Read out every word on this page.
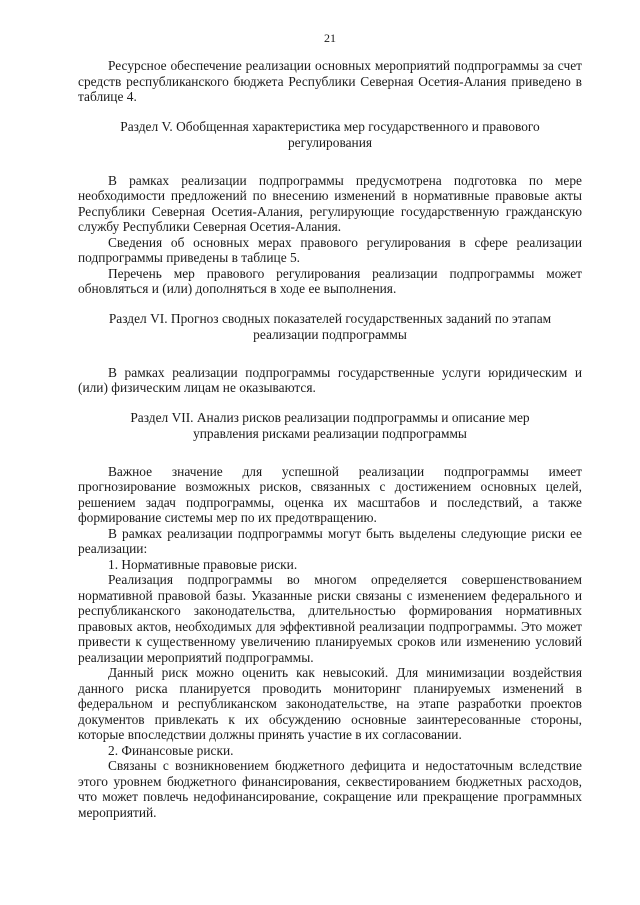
21

Ресурсное обеспечение реализации основных мероприятий подпрограммы за счет средств республиканского бюджета Республики Северная Осетия-Алания приведено в таблице 4.

Раздел V. Обобщенная характеристика мер государственного и правового
регулирования

В рамках реализации подпрограммы предусмотрена подготовка по мере необходимости предложений по внесению изменений в нормативные правовые акты Республики Северная Осетия-Алания, регулирующие государственную гражданскую службу Республики Северная Осетия-Алания.

Сведения об основных мерах правового регулирования в сфере реализации подпрограммы приведены в таблице 5.

Перечень мер правового регулирования реализации подпрограммы может обновляться и (или) дополняться в ходе ее выполнения.

Раздел VI. Прогноз сводных показателей государственных заданий по этапам
реализации подпрограммы

В рамках реализации подпрограммы государственные услуги юридическим и (или) физическим лицам не оказываются.

Раздел VII. Анализ рисков реализации подпрограммы и описание мер
управления рисками реализации подпрограммы

Важное значение для успешной реализации подпрограммы имеет прогнозирование возможных рисков, связанных с достижением основных целей, решением задач подпрограммы, оценка их масштабов и последствий, а также формирование системы мер по их предотвращению.

В рамках реализации подпрограммы могут быть выделены следующие риски ее реализации:

1. Нормативные правовые риски.

Реализация подпрограммы во многом определяется совершенствованием нормативной правовой базы. Указанные риски связаны с изменением федерального и республиканского законодательства, длительностью формирования нормативных правовых актов, необходимых для эффективной реализации подпрограммы. Это может привести к существенному увеличению планируемых сроков или изменению условий реализации мероприятий подпрограммы.

Данный риск можно оценить как невысокий. Для минимизации воздействия данного риска планируется проводить мониторинг планируемых изменений в федеральном и республиканском законодательстве, на этапе разработки проектов документов привлекать к их обсуждению основные заинтересованные стороны, которые впоследствии должны принять участие в их согласовании.

2. Финансовые риски.

Связаны с возникновением бюджетного дефицита и недостаточным вследствие этого уровнем бюджетного финансирования, секвестированием бюджетных расходов, что может повлечь недофинансирование, сокращение или прекращение программных мероприятий.
